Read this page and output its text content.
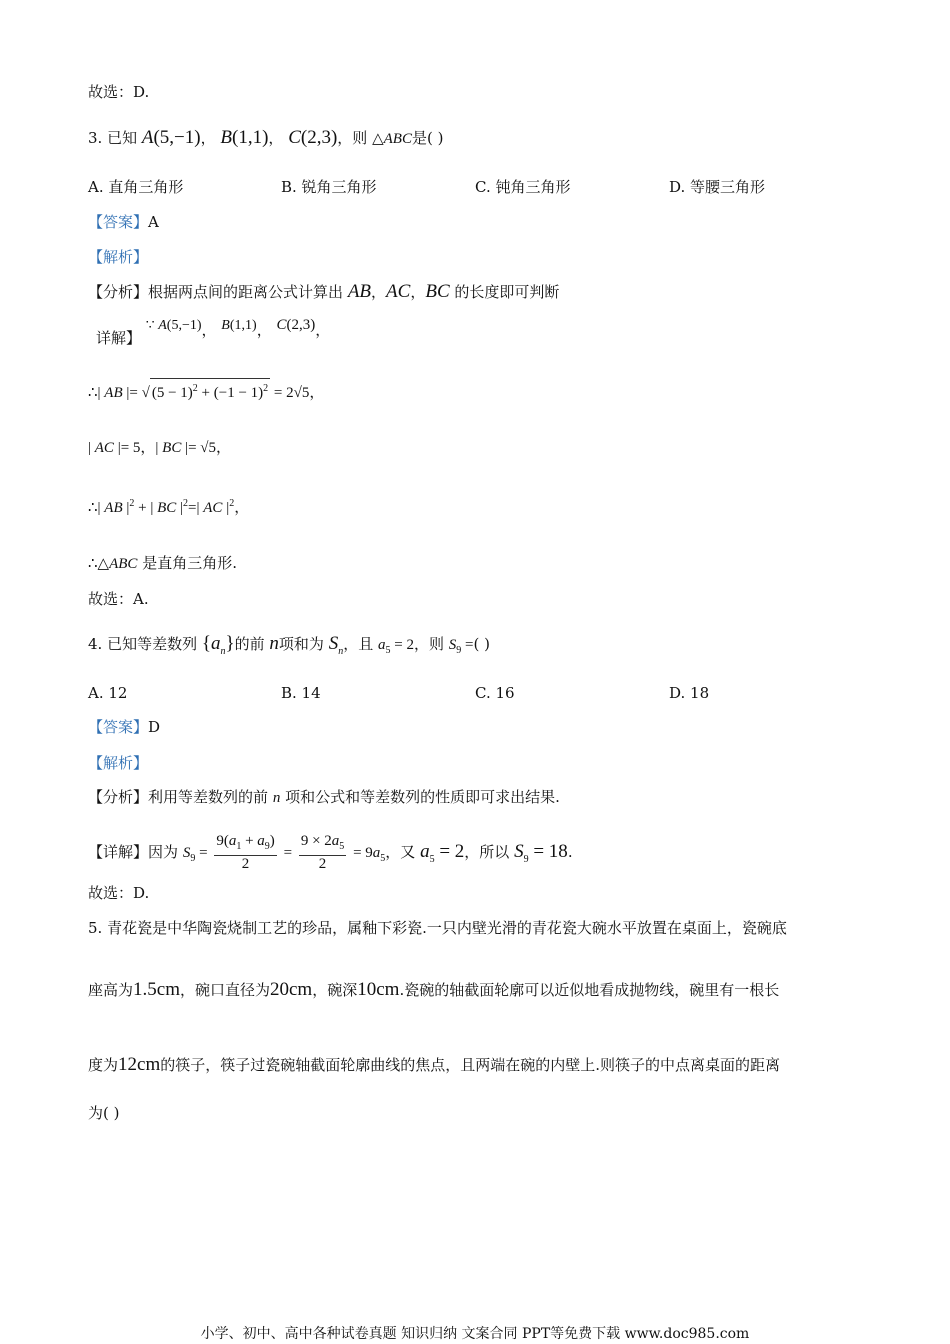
故选：D.
3. 已知 A(5,−1)， B(1,1)， C(2,3)，则 △ABC是( )
A. 直角三角形	B. 锐角三角形	C. 钝角三角形	D. 等腰三角形
【答案】A
【解析】
【分析】根据两点间的距离公式计算出 AB，AC，BC 的长度即可判断
详解】 ∵ A(5,−1)， B(1,1)， C(2,3)，
∴| AB |= √ $(5 - 1)^2 + (-1 - 1)^2 = 2√5$，
| AC |= 5，| BC |= √5，
∴| AB $|^2$ + | BC $|^2=|$ AC $|^2$，
∴△ABC 是直角三角形.
故选：A.
4. 已知等差数列 $\{a_n\}$的前 n项和为 $S_n$，且 $a_5 = 2$，则 $S_9$ =( )
A. 12	B. 14	C. 16	D. 18
【答案】D
【解析】
【分析】利用等差数列的前 n 项和公式和等差数列的性质即可求出结果.
【详解】因为 $S_9 = \frac{9(a_1 + a_9)}{2} = \frac{9 \times 2a_5}{2} = 9a_5$，又 $a_5 = 2$，所以 $S_9 = 18$.
故选：D.
5. 青花瓷是中华陶瓷烧制工艺的珍品，属釉下彩瓷.一只内壁光滑的青花瓷大碗水平放置在桌面上，瓷碗底
座高为1.5cm，碗口直径为20cm，碗深10cm.瓷碗的轴截面轮廓可以近似地看成抛物线，碗里有一根长
度为12cm的筷子，筷子过瓷碗轴截面轮廓曲线的焦点，且两端在碗的内壁上.则筷子的中点离桌面的距离
为( )
小学、初中、高中各种试卷真题 知识归纳 文案合同 PPT等免费下载 www.doc985.com
